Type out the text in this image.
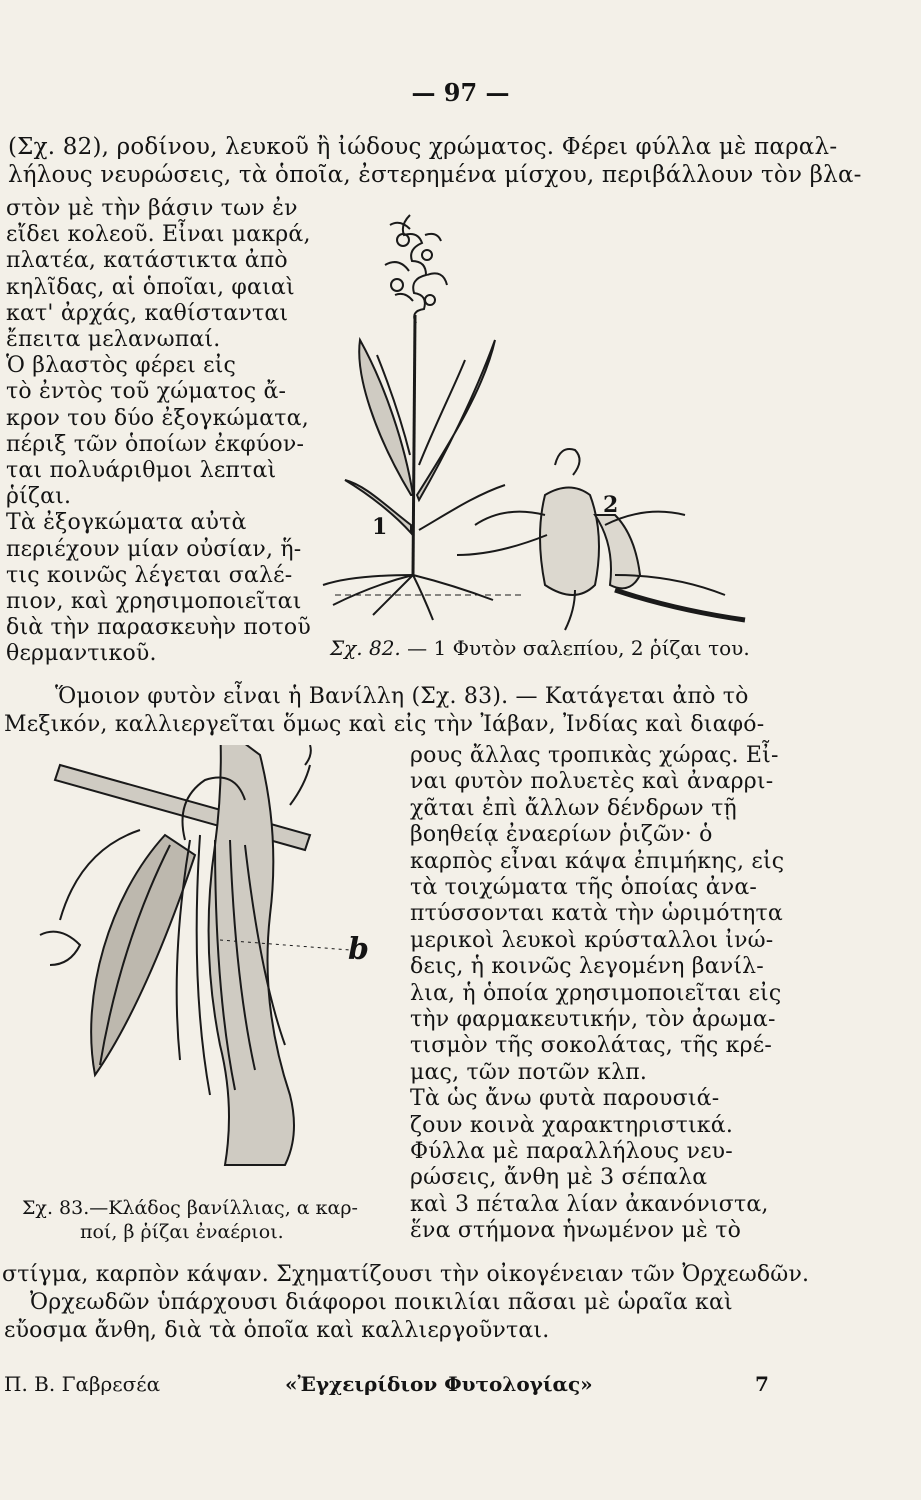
— 97 —
(Σχ. 82), ροδίνου, λευκοῦ ἢ ἰώδους χρώματος. Φέρει φύλλα μὲ παραλ-
λήλους νευρώσεις, τὰ ὁποῖα, ἐστερημένα μίσχου, περιβάλλουν τὸν βλα-
στὸν μὲ τὴν βάσιν των ἐν
εἴδει κολεοῦ. Εἶναι μακρά,
πλατέα, κατάστικτα ἀπὸ
κηλῖδας, αἱ ὁποῖαι, φαιαὶ
κατ' ἀρχάς, καθίστανται
ἔπειτα μελανωπαί.
Ὁ βλαστὸς φέρει εἰς
τὸ ἐντὸς τοῦ χώματος ἄ-
κρον του δύο ἐξογκώματα,
πέριξ τῶν ὁποίων ἐκφύον-
ται πολυάριθμοι λεπταὶ
ῥίζαι.
Τὰ ἐξογκώματα αὐτὰ
περιέχουν μίαν οὐσίαν, ἥ-
τις κοινῶς λέγεται σαλέ-
πιον, καὶ χρησιμοποιεῖται
διὰ τὴν παρασκευὴν ποτοῦ
θερμαντικοῦ.
1
2
Σχ. 82. — 1 Φυτὸν σαλεπίου, 2 ῥίζαι του.
Ὅμοιον φυτὸν εἶναι ἡ Βανίλλη (Σχ. 83). — Κατάγεται ἀπὸ τὸ
Μεξικόν, καλλιεργεῖται ὅμως καὶ εἰς τὴν Ἰάβαν, Ἰνδίας καὶ διαφό-
b
ρους ἄλλας τροπικὰς χώρας. Εἶ-
ναι φυτὸν πολυετὲς καὶ ἀναρρι-
χᾶται ἐπὶ ἄλλων δένδρων τῇ
βοηθείᾳ ἐναερίων ῥιζῶν· ὁ
καρπὸς εἶναι κάψα ἐπιμήκης, εἰς
τὰ τοιχώματα τῆς ὁποίας ἀνα-
πτύσσονται κατὰ τὴν ὡριμότητα
μερικοὶ λευκοὶ κρύσταλλοι ἰνώ-
δεις, ἡ κοινῶς λεγομένη βανίλ-
λια, ἡ ὁποία χρησιμοποιεῖται εἰς
τὴν φαρμακευτικήν, τὸν ἀρωμα-
τισμὸν τῆς σοκολάτας, τῆς κρέ-
μας, τῶν ποτῶν κλπ.
Τὰ ὡς ἄνω φυτὰ παρουσιά-
ζουν κοινὰ χαρακτηριστικά.
Φύλλα μὲ παραλλήλους νευ-
ρώσεις, ἄνθη μὲ 3 σέπαλα
καὶ 3 πέταλα λίαν ἀκανόνιστα,
ἕνα στήμονα ἡνωμένον μὲ τὸ
Σχ. 83.—Κλάδος βανίλλιας, α καρ-
ποί, β ῥίζαι ἐναέριοι.
στίγμα, καρπὸν κάψαν. Σχηματίζουσι τὴν οἰκογένειαν τῶν Ὀρχεωδῶν.
Ὀρχεωδῶν ὑπάρχουσι διάφοροι ποικιλίαι πᾶσαι μὲ ὡραῖα καὶ
εὔοσμα ἄνθη, διὰ τὰ ὁποῖα καὶ καλλιεργοῦνται.
Π. Β. Γαβρεσέα	«Ἐγχειρίδιον Φυτολογίας»	7
